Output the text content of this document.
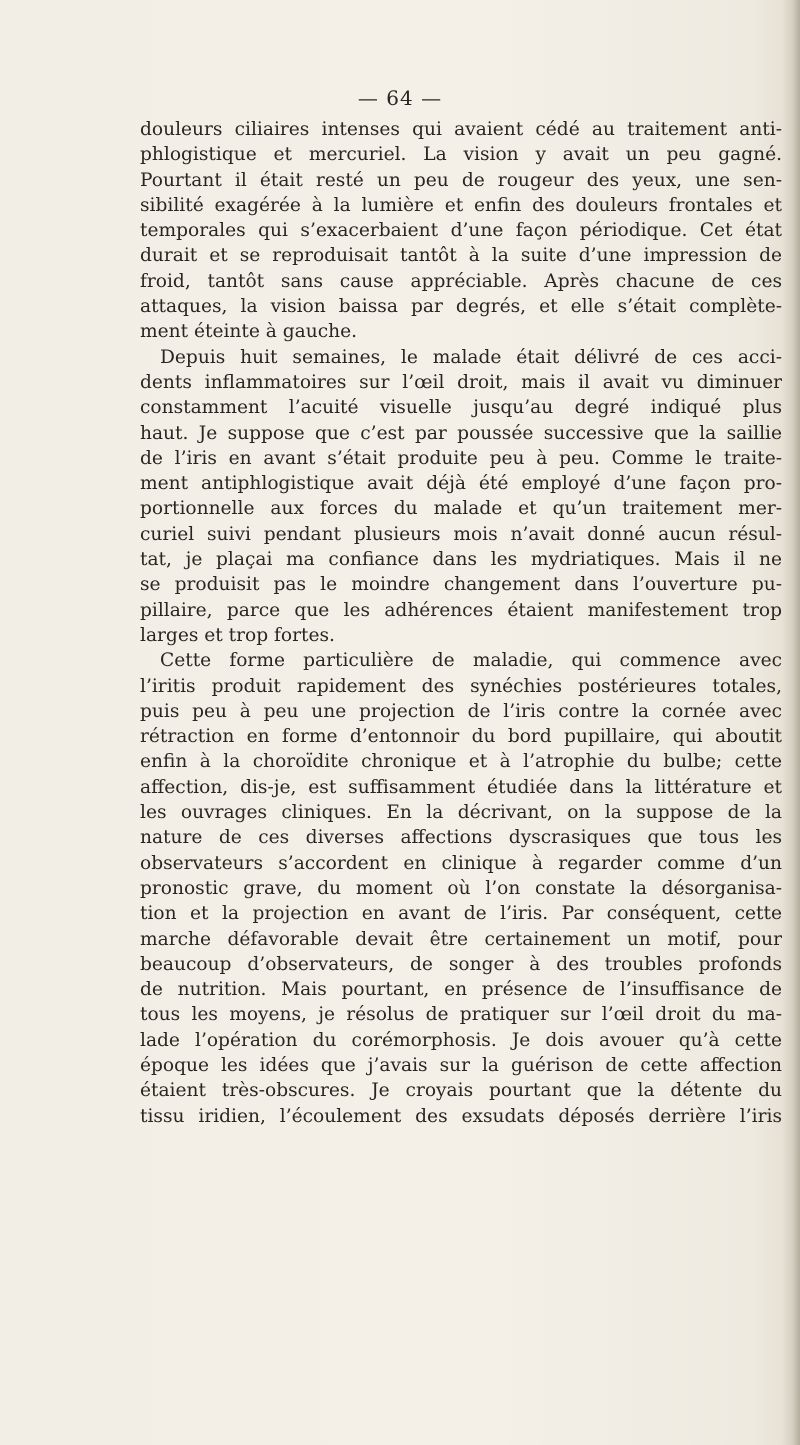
— 64 —
douleurs ciliaires intenses qui avaient cédé au traitement anti-
phlogistique et mercuriel. La vision y avait un peu gagné.
Pourtant il était resté un peu de rougeur des yeux, une sen-
sibilité exagérée à la lumière et enfin des douleurs frontales et
temporales qui s’exacerbaient d’une façon périodique. Cet état
durait et se reproduisait tantôt à la suite d’une impression de
froid, tantôt sans cause appréciable. Après chacune de ces
attaques, la vision baissa par degrés, et elle s’était complète-
ment éteinte à gauche.
Depuis huit semaines, le malade était délivré de ces acci-
dents inflammatoires sur l’œil droit, mais il avait vu diminuer
constamment l’acuité visuelle jusqu’au degré indiqué plus
haut. Je suppose que c’est par poussée successive que la saillie
de l’iris en avant s’était produite peu à peu. Comme le traite-
ment antiphlogistique avait déjà été employé d’une façon pro-
portionnelle aux forces du malade et qu’un traitement mer-
curiel suivi pendant plusieurs mois n’avait donné aucun résul-
tat, je plaçai ma confiance dans les mydriatiques. Mais il ne
se produisit pas le moindre changement dans l’ouverture pu-
pillaire, parce que les adhérences étaient manifestement trop
larges et trop fortes.
Cette forme particulière de maladie, qui commence avec
l’iritis produit rapidement des synéchies postérieures totales,
puis peu à peu une projection de l’iris contre la cornée avec
rétraction en forme d’entonnoir du bord pupillaire, qui aboutit
enfin à la choroïdite chronique et à l’atrophie du bulbe; cette
affection, dis-je, est suffisamment étudiée dans la littérature et
les ouvrages cliniques. En la décrivant, on la suppose de la
nature de ces diverses affections dyscrasiques que tous les
observateurs s’accordent en clinique à regarder comme d’un
pronostic grave, du moment où l’on constate la désorganisa-
tion et la projection en avant de l’iris. Par conséquent, cette
marche défavorable devait être certainement un motif, pour
beaucoup d’observateurs, de songer à des troubles profonds
de nutrition. Mais pourtant, en présence de l’insuffisance de
tous les moyens, je résolus de pratiquer sur l’œil droit du ma-
lade l’opération du corémorphosis. Je dois avouer qu’à cette
époque les idées que j’avais sur la guérison de cette affection
étaient très-obscures. Je croyais pourtant que la détente du
tissu iridien, l’écoulement des exsudats déposés derrière l’iris
